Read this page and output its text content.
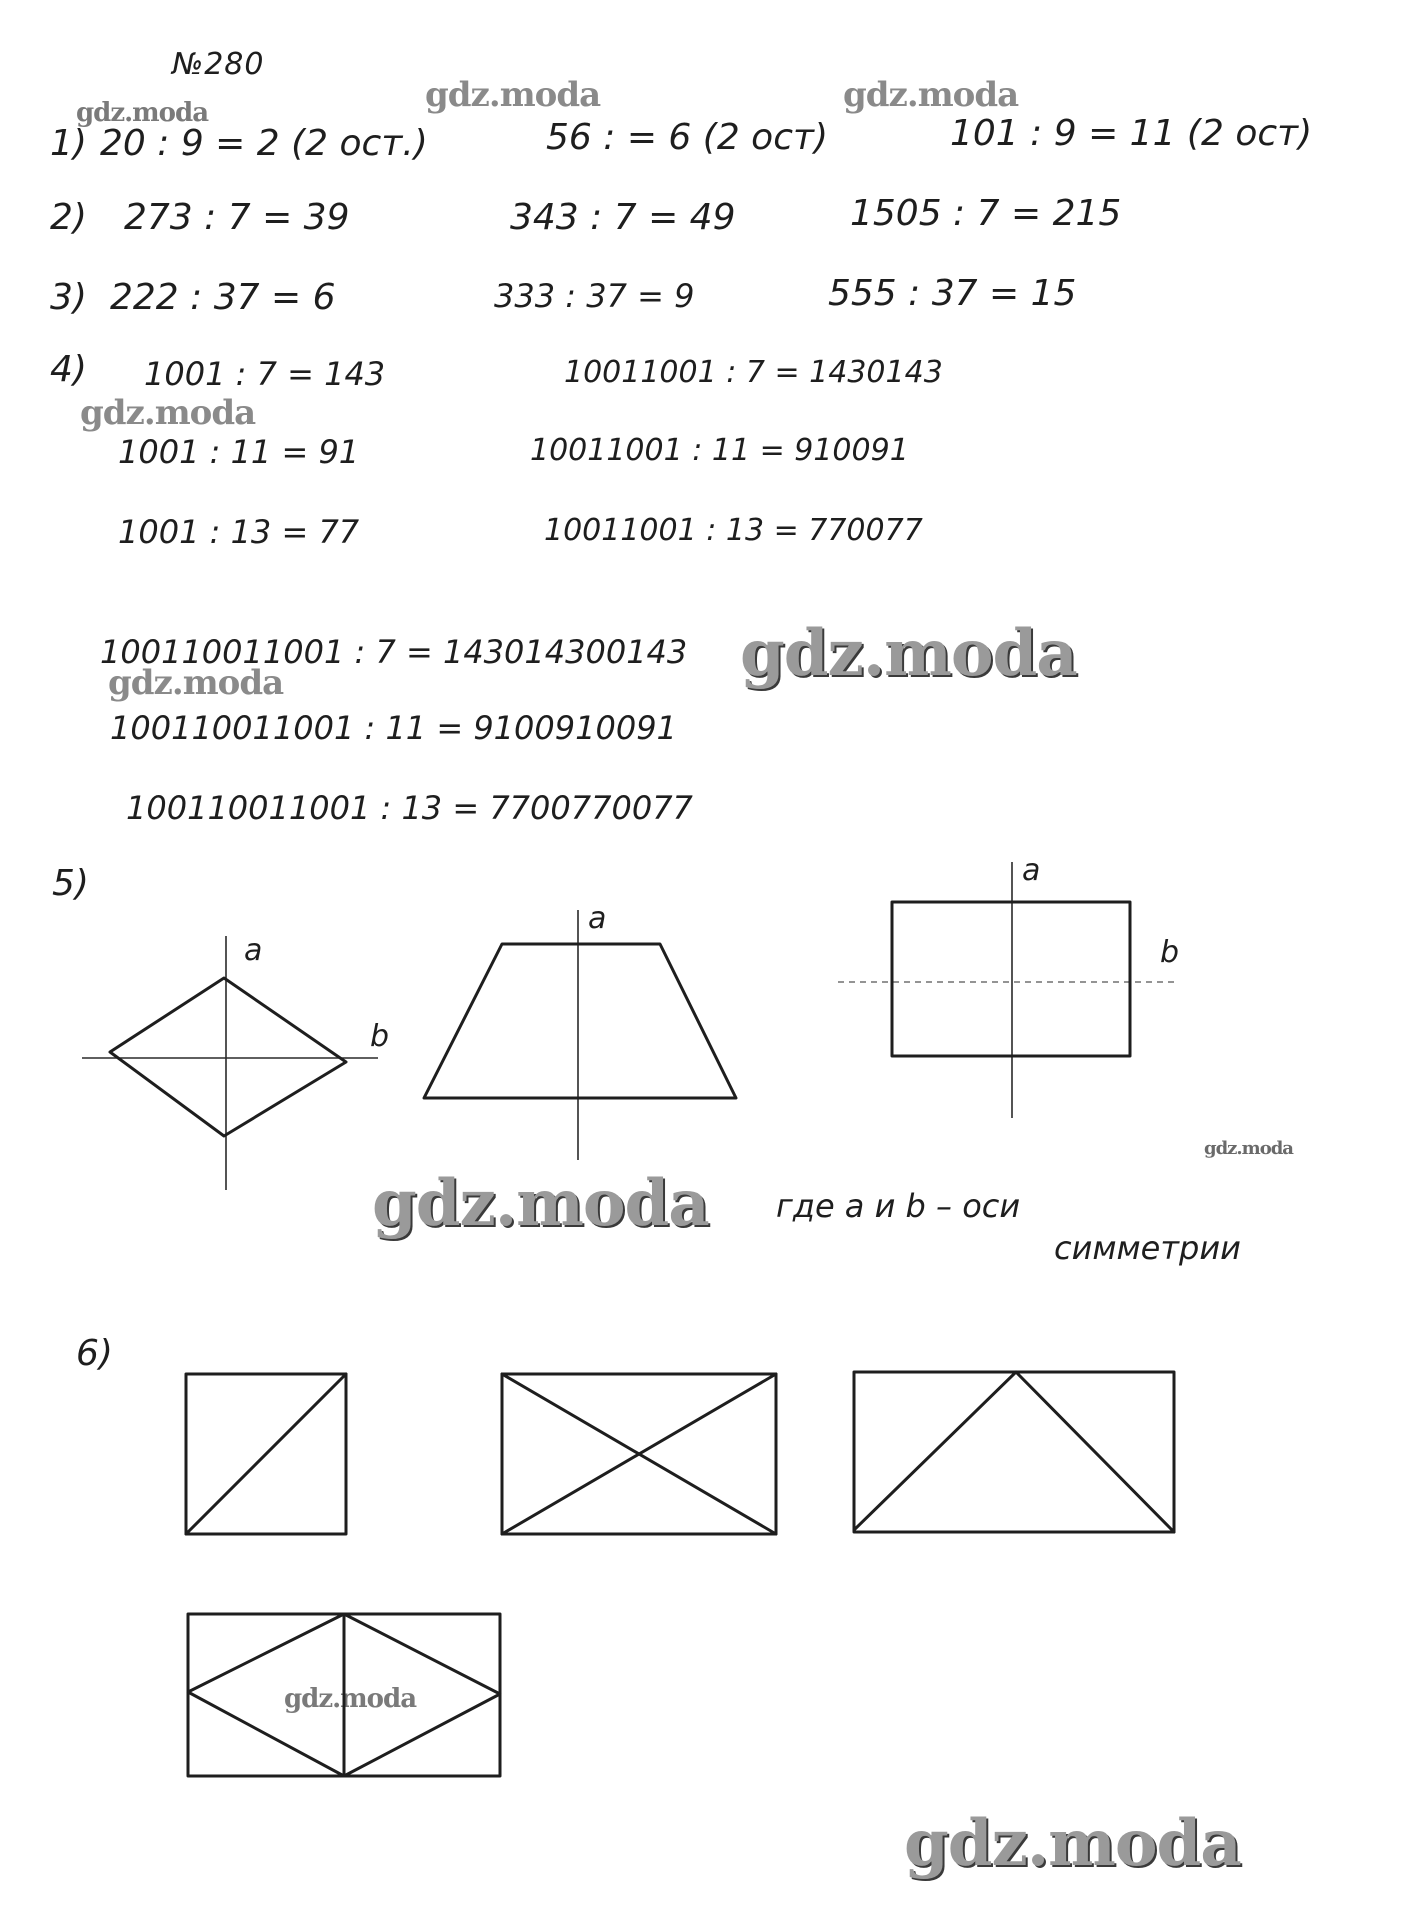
№280
gdz.moda	gdz.moda	gdz.moda
gdz.moda
gdz.moda
gdz.moda
gdz.moda
gdz.moda
gdz.moda
gdz.moda
1) 20 : 9 = 2 (2 ост.)	56 : = 6 (2 ост)	101 : 9 = 11 (2 ост)
2) 273 : 7 = 39	343 : 7 = 49	1505 : 7 = 215
3) 222 : 37 = 6	333 : 37 = 9	555 : 37 = 15
4) 1001 : 7 = 143	10011001 : 7 = 1430143
1001 : 11 = 91	10011001 : 11 = 910091
1001 : 13 = 77	10011001 : 13 = 770077
100110011001 : 7 = 143014300143
100110011001 : 11 = 9100910091
100110011001 : 13 = 7700770077
5)
где a и b – оси
симметрии
6)
a
b
a
a
b
